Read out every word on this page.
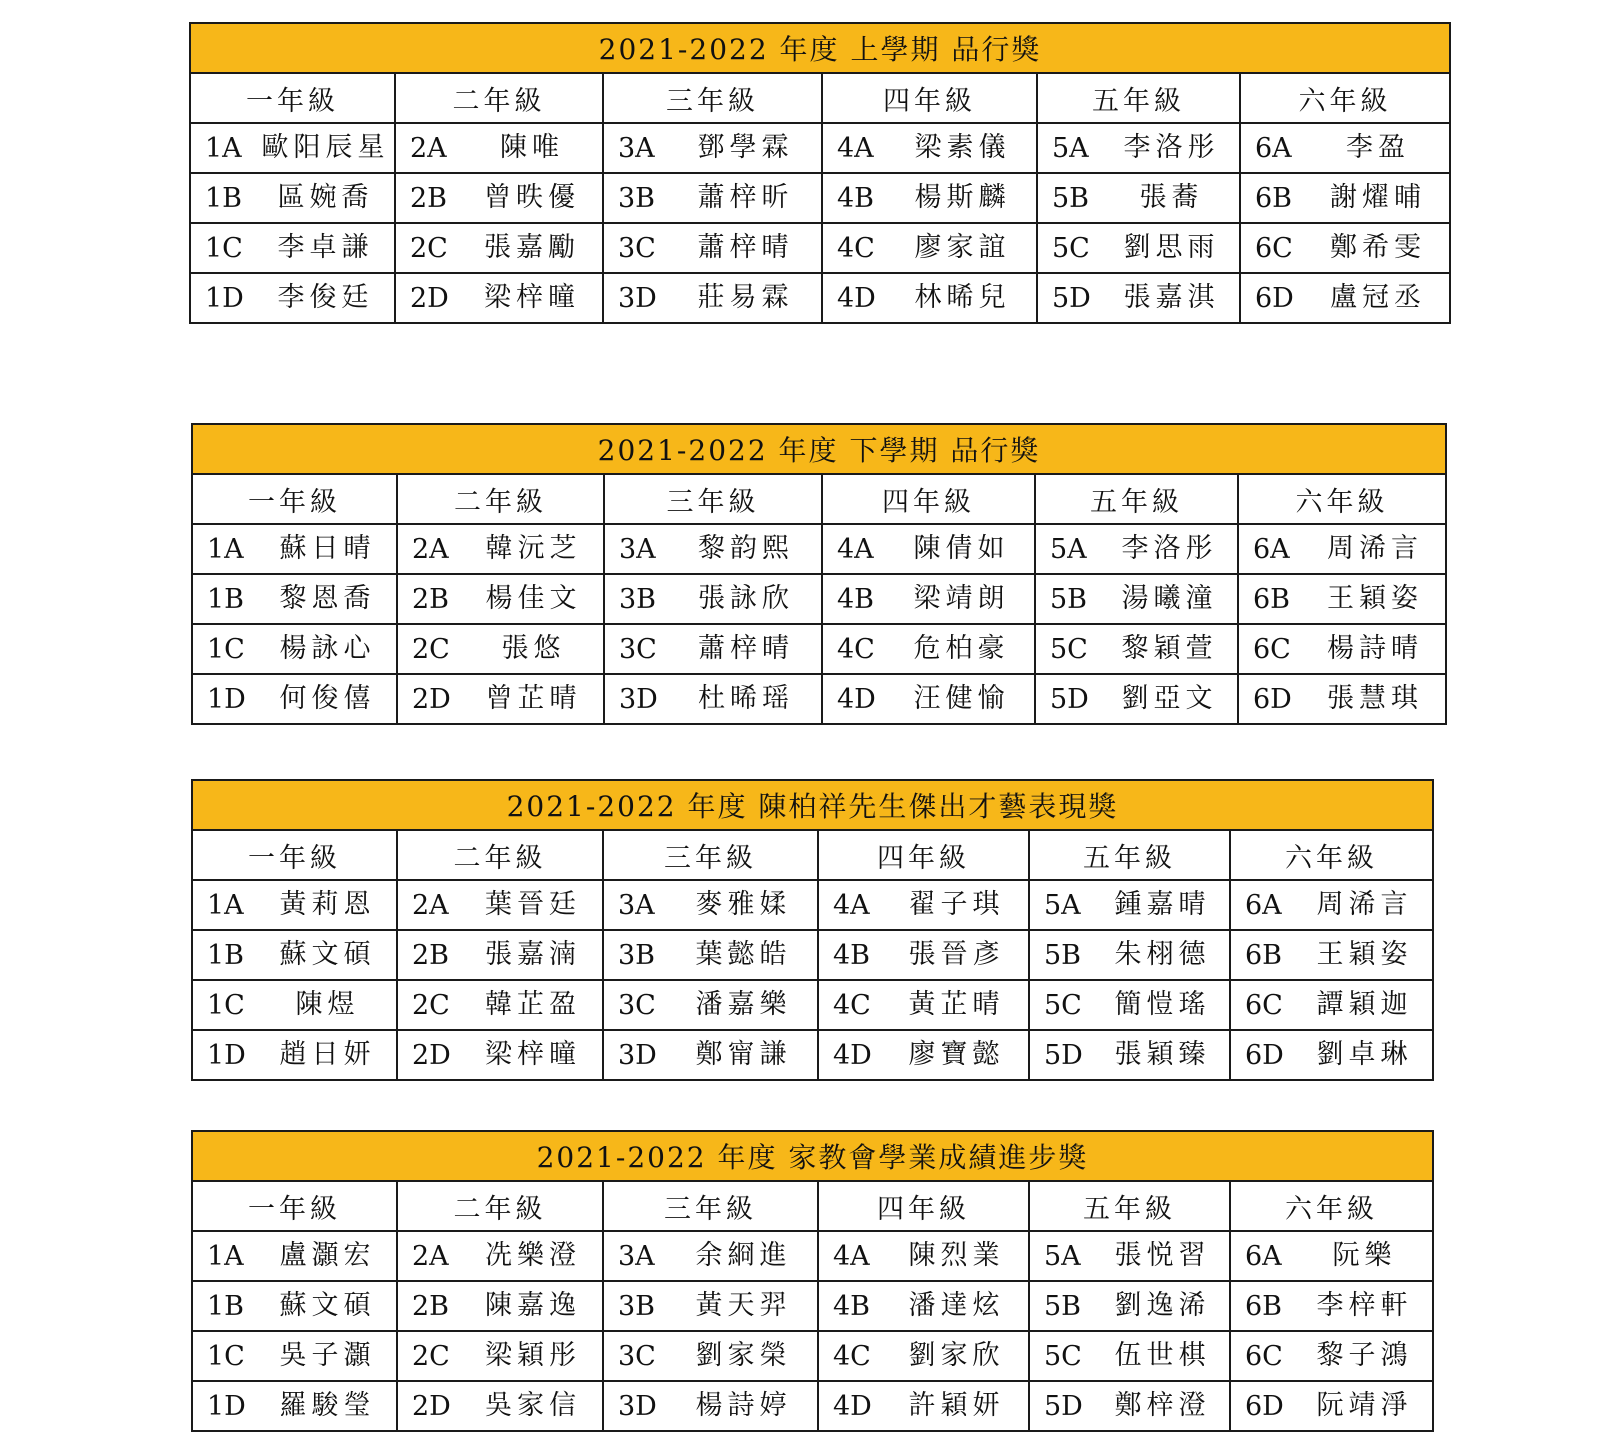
2021-2022 年度 上學期 品行獎					
一年級	二年級	三年級	四年級	五年級	六年級

1A 歐阳辰星	2A 陳唯	3A 鄧學霖	4A 梁素儀	5A 李洛彤	6A 李盈

1B 區婉喬	2B 曾昳優	3B 蕭梓昕	4B 楊斯麟	5B 張蕎	6B 謝燿晡

1C 李卓謙	2C 張嘉勵	3C 蕭梓晴	4C 廖家誼	5C 劉思雨	6C 鄭希雯

1D 李俊廷	2D 梁梓曈	3D 莊易霖	4D 林晞兒	5D 張嘉淇	6D 盧冠丞
2021-2022 年度 下學期 品行獎					
一年級	二年級	三年級	四年級	五年級	六年級

1A 蘇日晴	2A 韓沅芝	3A 黎韵熙	4A 陳倩如	5A 李洛彤	6A 周浠言

1B 黎恩喬	2B 楊佳文	3B 張詠欣	4B 梁靖朗	5B 湯曦潼	6B 王穎姿

1C 楊詠心	2C 張悠	3C 蕭梓晴	4C 危柏豪	5C 黎穎萱	6C 楊詩晴

1D 何俊僖	2D 曾芷晴	3D 杜晞瑶	4D 汪健愉	5D 劉亞文	6D 張慧琪
2021-2022 年度 陳柏祥先生傑出才藝表現獎					
一年級	二年級	三年級	四年級	五年級	六年級

1A 黃莉恩	2A 葉晉廷	3A 麥雅媃	4A 翟子琪	5A 鍾嘉晴	6A 周浠言

1B 蘇文碩	2B 張嘉湳	3B 葉懿皓	4B 張晉彥	5B 朱栩德	6B 王穎姿

1C 陳煜	2C 韓芷盈	3C 潘嘉樂	4C 黃芷晴	5C 簡愷瑤	6C 譚穎迦

1D 趙日妍	2D 梁梓曈	3D 鄭甯謙	4D 廖寶懿	5D 張穎臻	6D 劉卓琳
2021-2022 年度 家教會學業成績進步獎					
一年級	二年級	三年級	四年級	五年級	六年級

1A 盧灝宏	2A 冼樂澄	3A 余綗進	4A 陳烈業	5A 張悦習	6A 阮樂

1B 蘇文碩	2B 陳嘉逸	3B 黃天羿	4B 潘達炫	5B 劉逸浠	6B 李梓軒

1C 吳子灝	2C 梁穎彤	3C 劉家榮	4C 劉家欣	5C 伍世棋	6C 黎子鴻

1D 羅駿瑩	2D 吳家信	3D 楊詩婷	4D 許穎妍	5D 鄭梓澄	6D 阮靖淨
